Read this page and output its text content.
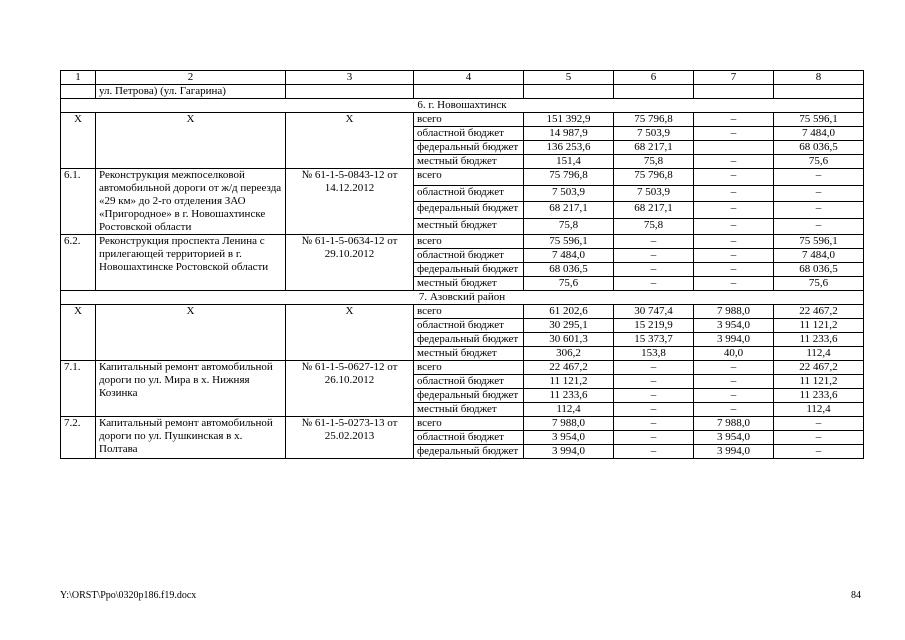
1	2	3	4	5	6	7	8
	ул. Петрова) (ул. Гагарина)						
6. г. Новошахтинск							
Х	Х	Х	всего	151 392,9	75 796,8	–	75 596,1
			областной бюджет	14 987,9	7 503,9	–	7 484,0
			федеральный бюджет	136 253,6	68 217,1		68 036,5
			местный бюджет	151,4	75,8	–	75,6
6.1.	Реконструкция межпоселковой автомобильной дороги от ж/д переезда «29 км» до 2-го отделения ЗАО «Пригородное» в г. Новошахтинске Ростовской области	№ 61-1-5-0843-12 от 14.12.2012	всего	75 796,8	75 796,8	–	–
			областной бюджет	7 503,9	7 503,9	–	–
			федеральный бюджет	68 217,1	68 217,1	–	–
			местный бюджет	75,8	75,8	–	–
6.2.	Реконструкция проспекта Ленина с прилегающей территорией в г. Новошахтинске Ростовской области	№ 61-1-5-0634-12 от 29.10.2012	всего	75 596,1	–	–	75 596,1
			областной бюджет	7 484,0	–	–	7 484,0
			федеральный бюджет	68 036,5	–	–	68 036,5
			местный бюджет	75,6	–	–	75,6
7. Азовский район							
Х	Х	Х	всего	61 202,6	30 747,4	7 988,0	22 467,2
			областной бюджет	30 295,1	15 219,9	3 954,0	11 121,2
			федеральный бюджет	30 601,3	15 373,7	3 994,0	11 233,6
			местный бюджет	306,2	153,8	40,0	112,4
7.1.	Капитальный ремонт автомобильной дороги по ул. Мира в х. Нижняя Козинка	№ 61-1-5-0627-12 от 26.10.2012	всего	22 467,2	–	–	22 467,2
			областной бюджет	11 121,2	–	–	11 121,2
			федеральный бюджет	11 233,6	–	–	11 233,6
			местный бюджет	112,4	–	–	112,4
7.2.	Капитальный ремонт автомобильной дороги по ул. Пушкинская в х. Полтава	№ 61-1-5-0273-13 от 25.02.2013	всего	7 988,0	–	7 988,0	–
			областной бюджет	3 954,0	–	3 954,0	–
			федеральный бюджет	3 994,0	–	3 994,0	–
Y:\ORST\Ppo\0320p186.f19.docx	84
